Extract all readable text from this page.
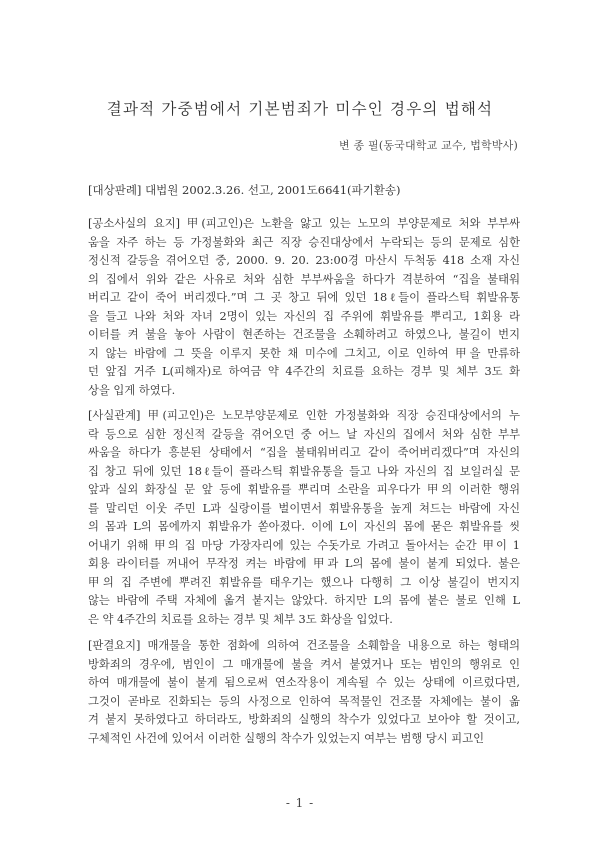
결과적 가중범에서 기본범죄가 미수인 경우의 법해석
변 종 필(동국대학교 교수, 법학박사)
[대상판례] 대법원 2002.3.26. 선고, 2001도6641(파기환송)
[공소사실의 요지] 甲(피고인)은 노환을 앓고 있는 노모의 부양문제로 처와 부부싸
움을 자주 하는 등 가정불화와 최근 직장 승진대상에서 누락되는 등의 문제로 심한
정신적 갈등을 겪어오던 중, 2000. 9. 20. 23:00경 마산시 두척동 418 소재 자신
의 집에서 위와 같은 사유로 처와 심한 부부싸움을 하다가 격분하여 “집을 불태워
버리고 같이 죽어 버리겠다.”며 그 곳 창고 뒤에 있던 18ℓ들이 플라스틱 휘발유통
을 들고 나와 처와 자녀 2명이 있는 자신의 집 주위에 휘발유를 뿌리고, 1회용 라
이터를 켜 불을 놓아 사람이 현존하는 건조물을 소훼하려고 하였으나, 불길이 번지
지 않는 바람에 그 뜻을 이루지 못한 채 미수에 그치고, 이로 인하여 甲을 만류하
던 앞집 거주 L(피해자)로 하여금 약 4주간의 치료를 요하는 경부 및 체부 3도 화
상을 입게 하였다.
[사실관계] 甲(피고인)은 노모부양문제로 인한 가정불화와 직장 승진대상에서의 누
락 등으로 심한 정신적 갈등을 겪어오던 중 어느 날 자신의 집에서 처와 심한 부부
싸움을 하다가 흥분된 상태에서 “집을 불태워버리고 같이 죽어버리겠다”며 자신의
집 창고 뒤에 있던 18ℓ들이 플라스틱 휘발유통을 들고 나와 자신의 집 보일러실 문
앞과 실외 화장실 문 앞 등에 휘발유를 뿌리며 소란을 피우다가 甲의 이러한 행위
를 말리던 이웃 주민 L과 실랑이를 벌이면서 휘발유통을 높게 쳐드는 바람에 자신
의 몸과 L의 몸에까지 휘발유가 쏟아졌다. 이에 L이 자신의 몸에 묻은 휘발유를 씻
어내기 위해 甲의 집 마당 가장자리에 있는 수돗가로 가려고 돌아서는 순간 甲이 1
회용 라이터를 꺼내어 무작정 켜는 바람에 甲과 L의 몸에 불이 붙게 되었다. 불은
甲의 집 주변에 뿌려진 휘발유를 태우기는 했으나 다행히 그 이상 불길이 번지지
않는 바람에 주택 자체에 옮겨 붙지는 않았다. 하지만 L의 몸에 붙은 불로 인해 L
은 약 4주간의 치료를 요하는 경부 및 체부 3도 화상을 입었다.
[판결요지] 매개물을 통한 점화에 의하여 건조물을 소훼함을 내용으로 하는 형태의
방화죄의 경우에, 범인이 그 매개물에 불을 켜서 붙였거나 또는 범인의 행위로 인
하여 매개물에 불이 붙게 됨으로써 연소작용이 계속될 수 있는 상태에 이르렀다면,
그것이 곧바로 진화되는 등의 사정으로 인하여 목적물인 건조물 자체에는 불이 옮
겨 붙지 못하였다고 하더라도, 방화죄의 실행의 착수가 있었다고 보아야 할 것이고,
구체적인 사건에 있어서 이러한 실행의 착수가 있었는지 여부는 범행 당시 피고인
- 1 -
